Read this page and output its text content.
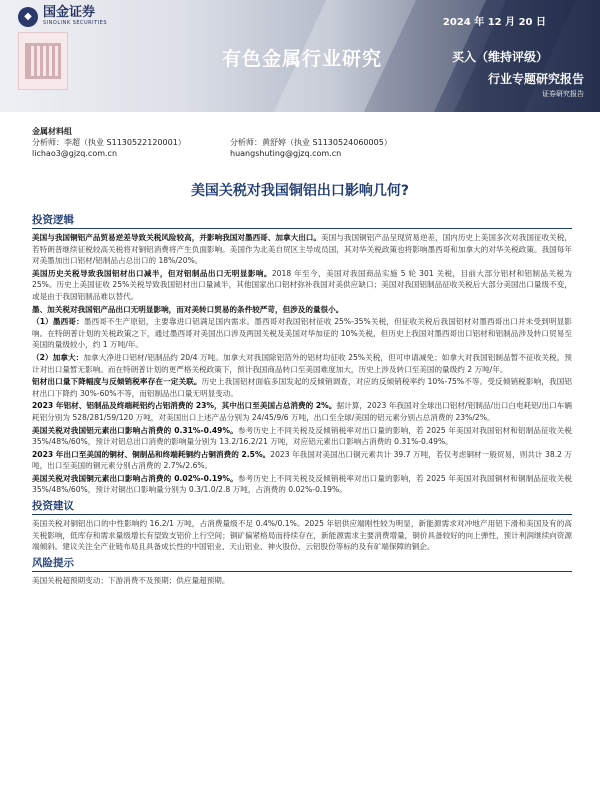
◆ 国金证券
SINOLINK SECURITIES	2024 年 12 月 20 日
有色金属行业研究	买入（维持评级）
行业专题研究报告
证券研究报告
金属材料组
分析师：李超（执业 S1130522120001）
lichao3@gjzq.com.cn
分析师：黄舒婷（执业 S1130524060005）
huangshuting@gjzq.com.cn
美国关税对我国铜铝出口影响几何?
投资逻辑

美国与我国铜铝产品贸易逆差导致关税风险较高，并影响我国对墨西哥、加拿大出口。美国与我国铜铝产品呈现贸易逆差，国内历史上美国多次对我国征收关税，若特朗普继续征税较高关税将对铜铝消费将产生负面影响。美国作为北美自贸区主导成员国，其对华关税政策也将影响墨西哥和加拿大的对华关税政策。我国每年对美墨加出口铝材/铝制品占总出口的 18%/20%。

美国历史关税导致我国铝材出口减半，但对铝制品出口无明显影响。2018 年至今，美国对我国商品实施 5 轮 301 关税，目前大部分铝材和铝制品关税为 25%。历史上美国征收 25%关税导致我国铝材出口量减半，其他国家出口铝材弥补我国对美供应缺口；美国对我国铝制品征收关税后大部分美国出口量级不变，或是由于我国铝制品难以替代。

墨、加关税对我国铝产品出口无明显影响，而对美转口贸易的条件较严苛，但涉及的量很小。

（1）墨西哥：墨西哥不生产原铝，主要靠进口铝满足国内需求。墨西哥对我国铝材征收 25%-35%关税，但征收关税后我国铝材对墨西哥出口并未受到明显影响。在特朗普计划的关税政策之下，通过墨西哥对美国出口涉及两国关税及美国对华加征的 10%关税，但历史上我国对墨西哥出口铝材和铝制品涉及转口贸易至美国的量级较小，约 1 万吨/年。

（2）加拿大：加拿大净进口铝材/铝制品约 20/4 万吨。加拿大对我国除铝箔外的铝材均征收 25%关税，但可申请减免；如拿大对我国铝制品暂不征收关税，预计对出口量暂无影响。而在特朗普计划的更严格关税政策下，预计我国商品转口至美国难度加大，历史上涉及转口至美国的量级约 2 万吨/年。

铝材出口量下降幅度与反倾销税率存在一定关联。历史上我国铝材面临多国发起的反倾销调查，对应的反倾销税率约 10%-75%不等。受反倾销税影响，我国铝材出口下降约 30%-60%不等，而铝制品出口量无明显变动。

2023 年铝材、铝制品及终端耗铝约占铝消费的 23%，其中出口至美国占总消费的 2%。据计算，2023 年我国对全球出口铝材/铝制品/出口白电耗铝/出口车辆耗铝分别为 528/281/59/120 万吨，对美国出口上述产品分别为 24/45/9/6 万吨，出口至全球/美国的铝元素分别占总消费的 23%/2%。

美国关税对我国铝元素出口影响占消费的 0.31%-0.49%。参考历史上不同关税及反倾销税率对出口量的影响，若 2025 年美国对我国铝材和铝制品征收关税 35%/48%/60%，预计对铝总出口消费的影响量分别为 13.2/16.2/21 万吨，对应铝元素出口影响占消费的 0.31%-0.49%。

2023 年出口至美国的铜材、铜制品和终端耗铜约占铜消费的 2.5%。2023 年我国对美国出口铜元素共计 39.7 万吨，若仅考虑铜材一般贸易，则共计 38.2 万吨，出口至美国的铜元素分别占消费的 2.7%/2.6%。

美国关税对我国铜元素出口影响占消费的 0.02%-0.19%。参考历史上不同关税及反倾销税率对出口量的影响，若 2025 年美国对我国铜材和铜制品征收关税 35%/48%/60%，预计对铜出口影响量分别为 0.3/1.0/2.8 万吨，占消费的 0.02%-0.19%。

投资建议

美国关税对铜铝出口的中性影响约 16.2/1 万吨，占消费量级不足 0.4%/0.1%。2025 年铝供应端刚性较为明显，新能源需求对冲地产用铝下滑和美国及有的高关税影响，低库存和需求量级增长有望致支铝价上行空间；铜矿偏紧格局而持续存在，新能源需求主要消费增量，铜价具备较好的向上弹性，预计利润继续向资源端倾斜。建议关注全产业链布局且具备成长性的中国铝业、天山铝业、神火股份、云铝股份等标的及有矿端保障的铜企。

风险提示

美国关税超预期变动；下游消费不及预期；供应量超预期。
